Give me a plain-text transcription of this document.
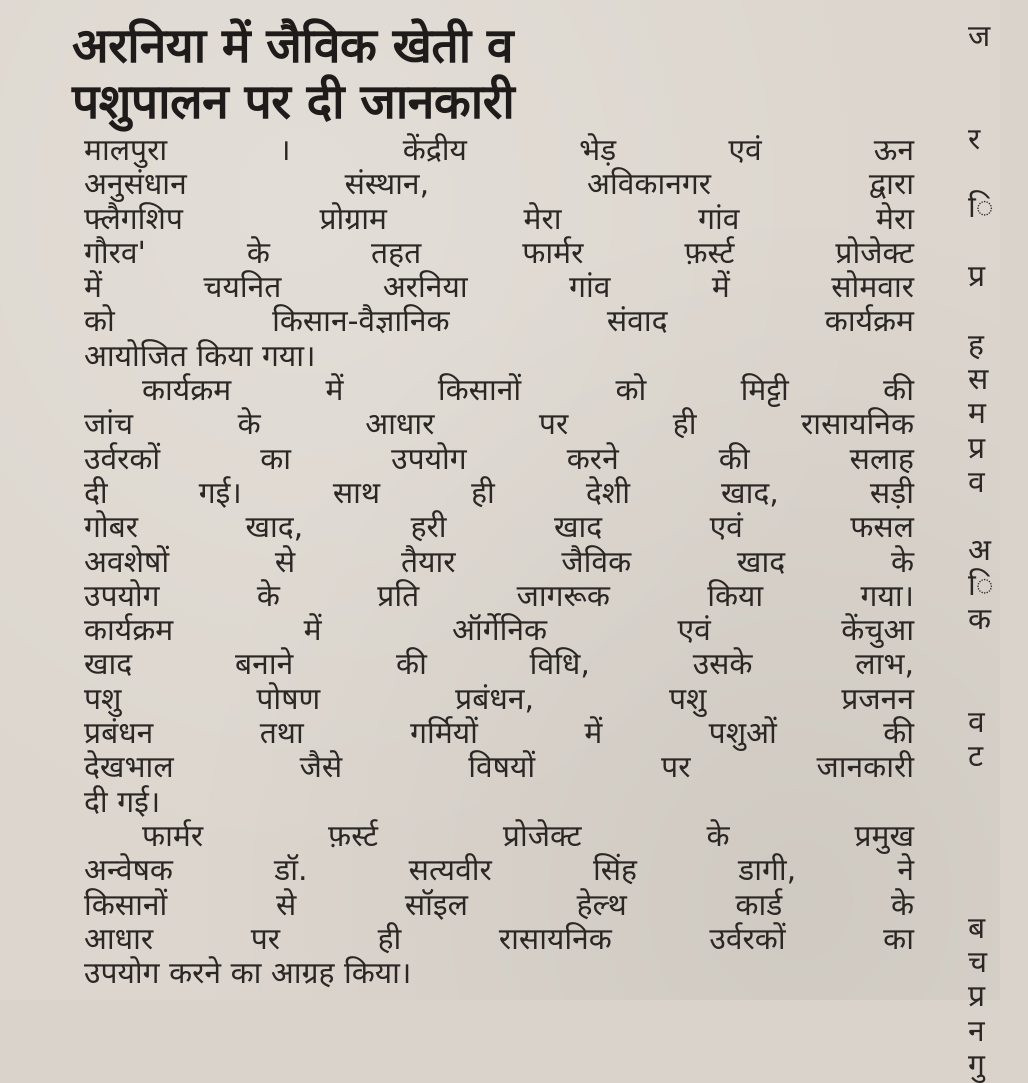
अरनिया में जैविक खेती व
पशुपालन पर दी जानकारी

मालपुरा । केंद्रीय भेड़ एवं ऊन
अनुसंधान संस्थान, अविकानगर द्वारा
फ्लैगशिप प्रोग्राम मेरा गांव मेरा
गौरव' के तहत फार्मर फ़र्स्ट प्रोजेक्ट
में चयनित अरनिया गांव में सोमवार
को किसान-वैज्ञानिक संवाद कार्यक्रम
आयोजित किया गया।

कार्यक्रम में किसानों को मिट्टी की
जांच के आधार पर ही रासायनिक
उर्वरकों का उपयोग करने की सलाह
दी गई। साथ ही देशी खाद, सड़ी
गोबर खाद, हरी खाद एवं फसल
अवशेषों से तैयार जैविक खाद के
उपयोग के प्रति जागरूक किया गया।
कार्यक्रम में ऑर्गेनिक एवं केंचुआ
खाद बनाने की विधि, उसके लाभ,
पशु पोषण प्रबंधन, पशु प्रजनन
प्रबंधन तथा गर्मियों में पशुओं की
देखभाल जैसे विषयों पर जानकारी
दी गई।

फार्मर फ़र्स्ट प्रोजेक्ट के प्रमुख
अन्वेषक डॉ. सत्यवीर सिंह डागी, ने
किसानों से सॉइल हेल्थ कार्ड के
आधार पर ही रासायनिक उर्वरकों का
उपयोग करने का आग्रह किया।

ज

र

ि

प्र

ह
स
म
प्र
व

अ
ि
क

व
ट

ब
च
प्र
न
गु
